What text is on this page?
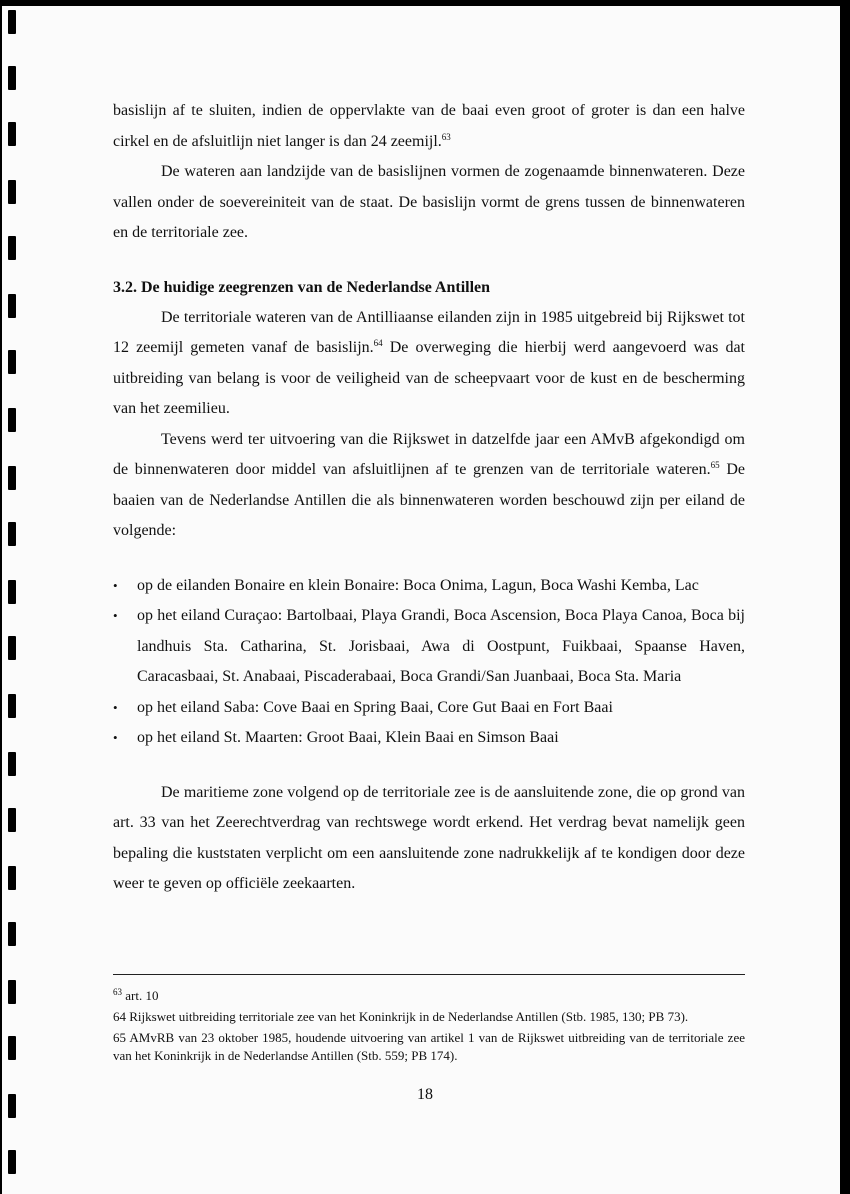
basislijn af te sluiten, indien de oppervlakte van de baai even groot of groter is dan een halve cirkel en de afsluitlijn niet langer is dan 24 zeemijl.$^{63}$

De wateren aan landzijde van de basislijnen vormen de zogenaamde binnenwateren. Deze vallen onder de soevereiniteit van de staat. De basislijn vormt de grens tussen de binnenwateren en de territoriale zee.

3.2. De huidige zeegrenzen van de Nederlandse Antillen

De territoriale wateren van de Antilliaanse eilanden zijn in 1985 uitgebreid bij Rijkswet tot 12 zeemijl gemeten vanaf de basislijn.$^{64}$ De overweging die hierbij werd aangevoerd was dat uitbreiding van belang is voor de veiligheid van de scheepvaart voor de kust en de bescherming van het zeemilieu.

Tevens werd ter uitvoering van die Rijkswet in datzelfde jaar een AMvB afgekondigd om de binnenwateren door middel van afsluitlijnen af te grenzen van de territoriale wateren.$^{65}$ De baaien van de Nederlandse Antillen die als binnenwateren worden beschouwd zijn per eiland de volgende:

• op de eilanden Bonaire en klein Bonaire: Boca Onima, Lagun, Boca Washi Kemba, Lac
• op het eiland Curaçao: Bartolbaai, Playa Grandi, Boca Ascension, Boca Playa Canoa, Boca bij landhuis Sta. Catharina, St. Jorisbaai, Awa di Oostpunt, Fuikbaai, Spaanse Haven, Caracasbaai, St. Anabaai, Piscaderabaai, Boca Grandi/San Juanbaai, Boca Sta. Maria
• op het eiland Saba: Cove Baai en Spring Baai, Core Gut Baai en Fort Baai
• op het eiland St. Maarten: Groot Baai, Klein Baai en Simson Baai

De maritieme zone volgend op de territoriale zee is de aansluitende zone, die op grond van art. 33 van het Zeerechtverdrag van rechtswege wordt erkend. Het verdrag bevat namelijk geen bepaling die kuststaten verplicht om een aansluitende zone nadrukkelijk af te kondigen door deze weer te geven op officiële zeekaarten.

$^{63}$ art. 10

64 Rijkswet uitbreiding territoriale zee van het Koninkrijk in de Nederlandse Antillen (Stb. 1985, 130; PB 73).

65 AMvRB van 23 oktober 1985, houdende uitvoering van artikel 1 van de Rijkswet uitbreiding van de territoriale zee van het Koninkrijk in de Nederlandse Antillen (Stb. 559; PB 174).

18
